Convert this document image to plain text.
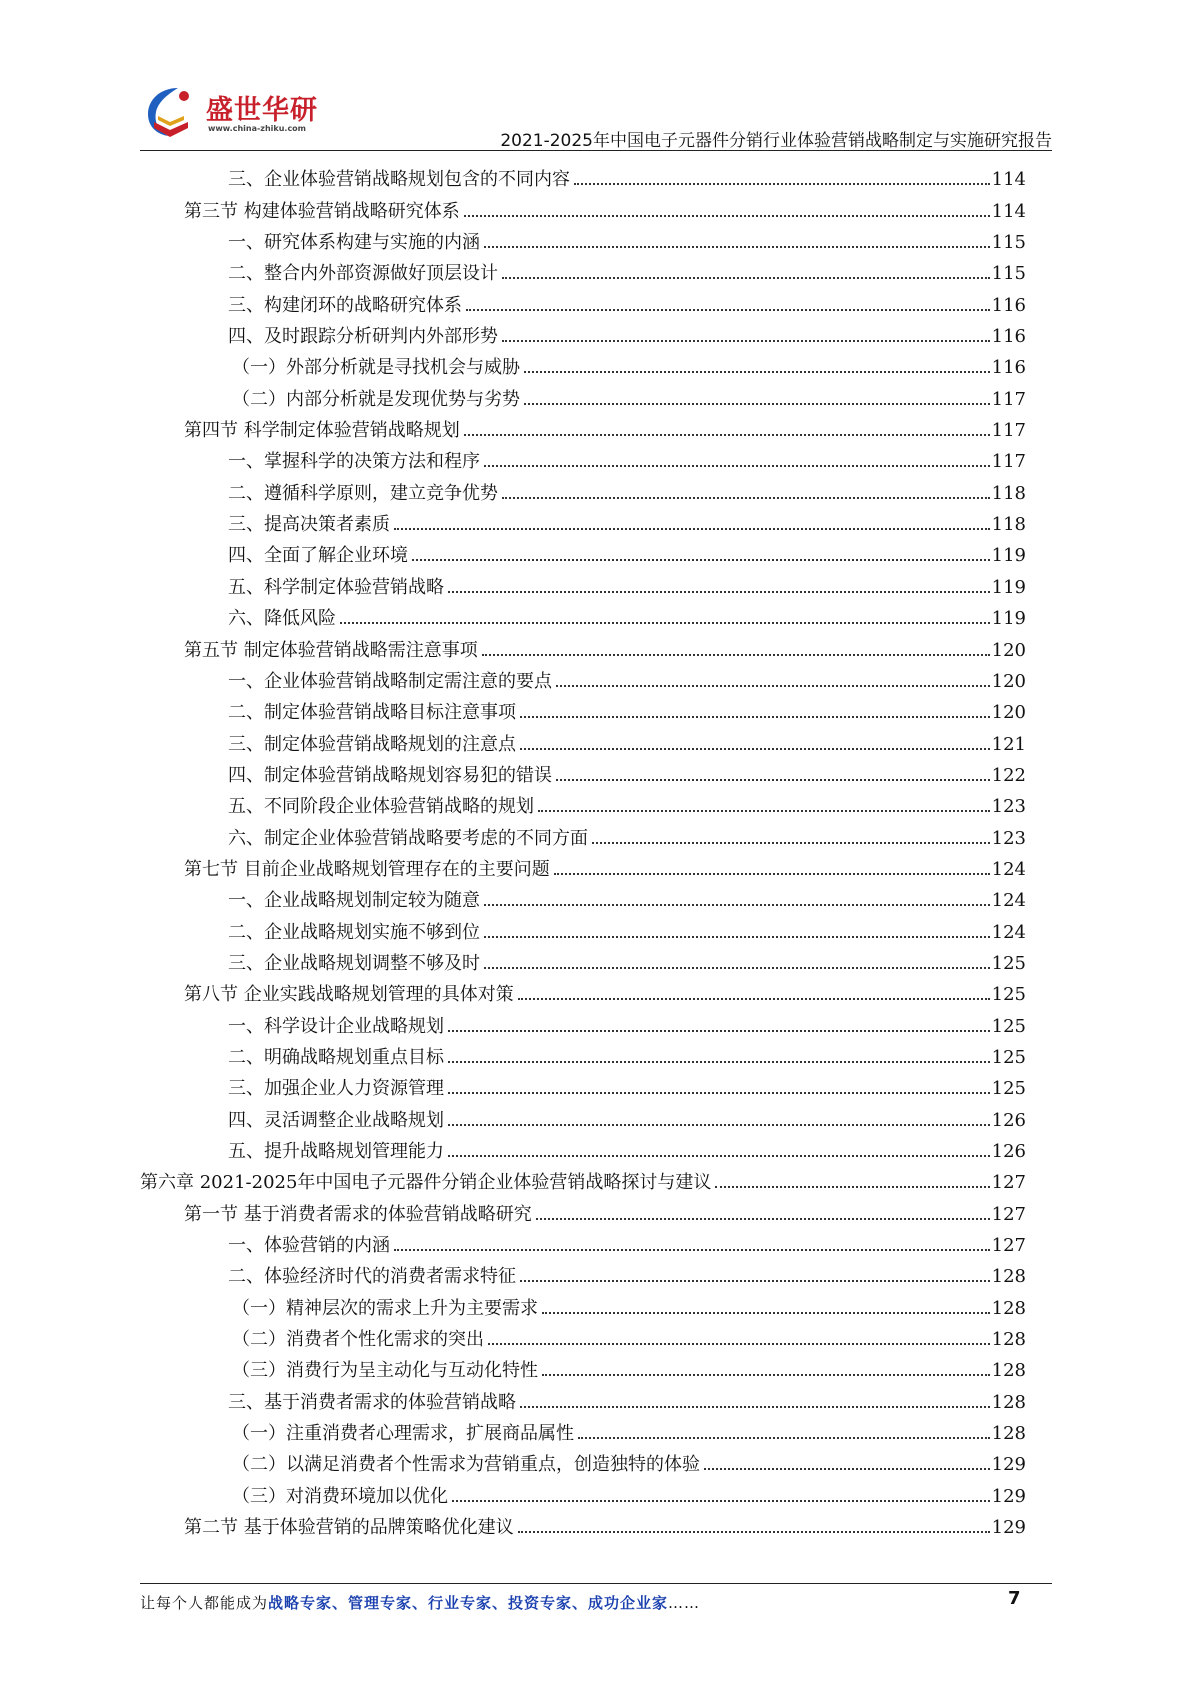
盛世华研
www.china-zhiku.com
2021-2025年中国电子元器件分销行业体验营销战略制定与实施研究报告
三、企业体验营销战略规划包含的不同内容	114
第三节 构建体验营销战略研究体系	114
一、研究体系构建与实施的内涵	115
二、整合内外部资源做好顶层设计	115
三、构建闭环的战略研究体系	116
四、及时跟踪分析研判内外部形势	116
（一）外部分析就是寻找机会与威胁	116
（二）内部分析就是发现优势与劣势	117
第四节 科学制定体验营销战略规划	117
一、掌握科学的决策方法和程序	117
二、遵循科学原则，建立竞争优势	118
三、提高决策者素质	118
四、全面了解企业环境	119
五、科学制定体验营销战略	119
六、降低风险	119
第五节 制定体验营销战略需注意事项	120
一、企业体验营销战略制定需注意的要点	120
二、制定体验营销战略目标注意事项	120
三、制定体验营销战略规划的注意点	121
四、制定体验营销战略规划容易犯的错误	122
五、不同阶段企业体验营销战略的规划	123
六、制定企业体验营销战略要考虑的不同方面	123
第七节 目前企业战略规划管理存在的主要问题	124
一、企业战略规划制定较为随意	124
二、企业战略规划实施不够到位	124
三、企业战略规划调整不够及时	125
第八节 企业实践战略规划管理的具体对策	125
一、科学设计企业战略规划	125
二、明确战略规划重点目标	125
三、加强企业人力资源管理	125
四、灵活调整企业战略规划	126
五、提升战略规划管理能力	126
第六章 2021-2025年中国电子元器件分销企业体验营销战略探讨与建议	127
第一节 基于消费者需求的体验营销战略研究	127
一、体验营销的内涵	127
二、体验经济时代的消费者需求特征	128
（一）精神层次的需求上升为主要需求	128
（二）消费者个性化需求的突出	128
（三）消费行为呈主动化与互动化特性	128
三、基于消费者需求的体验营销战略	128
（一）注重消费者心理需求，扩展商品属性	128
（二）以满足消费者个性需求为营销重点，创造独特的体验	129
（三）对消费环境加以优化	129
第二节 基于体验营销的品牌策略优化建议	129
让每个人都能成为战略专家、管理专家、行业专家、投资专家、成功企业家……	7
